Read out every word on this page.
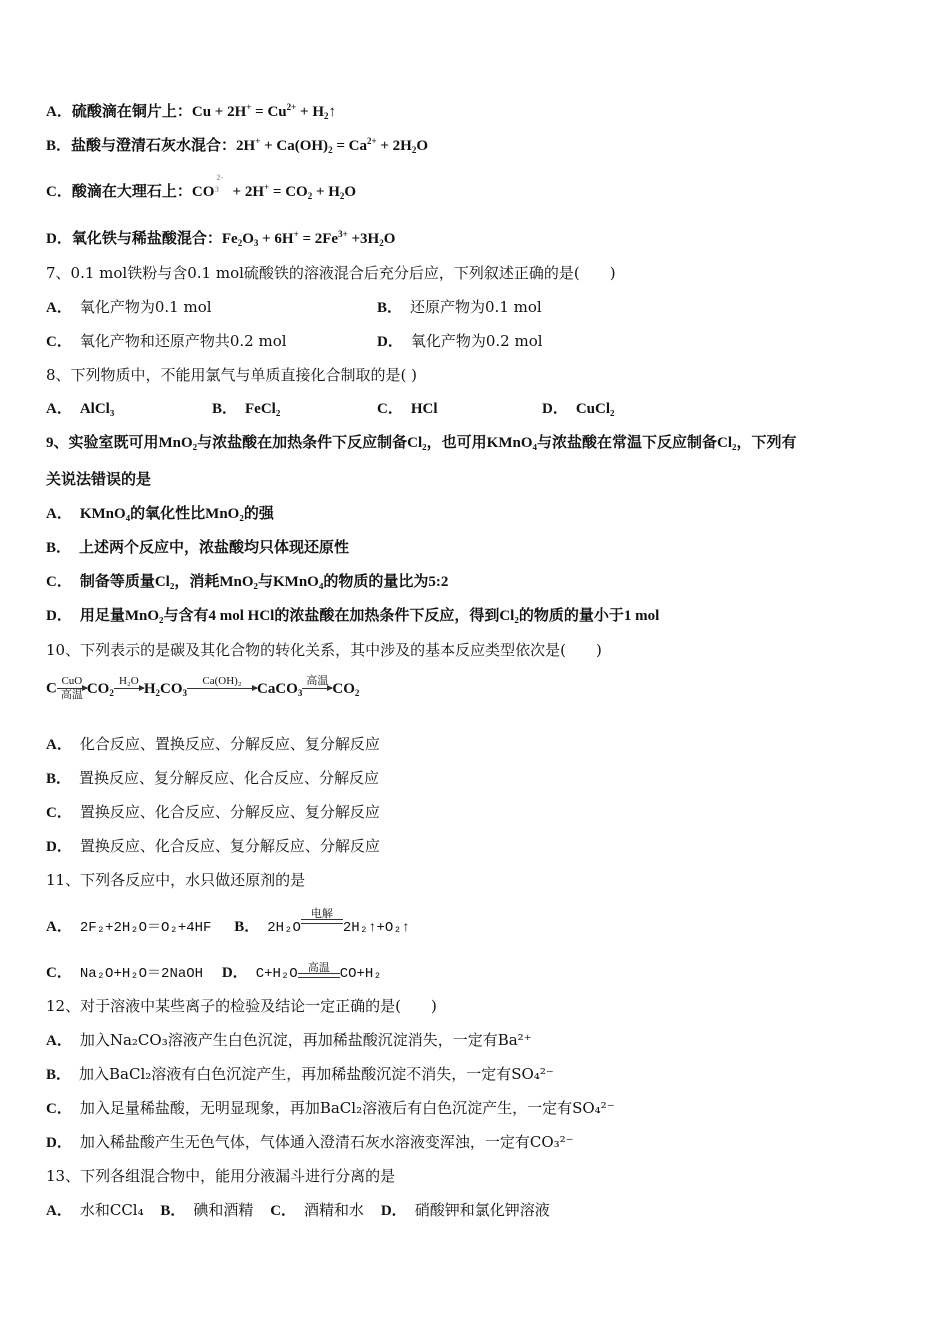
A．硫酸滴在铜片上：$Cu + 2H^+ = Cu^{2+}$ + $H_2↑$
B．盐酸与澄清石灰水混合：$2H^+ + Ca(OH)_2 = Ca^{2+} + 2H_2O$
C．酸滴在大理石上：$CO^{2-3} + 2H^+ = CO_2 + H_2O$
D．氧化铁与稀盐酸混合：$Fe_2O_3 + 6H^+ = 2Fe^{3+} +3H_2O$
7、0.1 mol铁粉与含0.1 mol硫酸铁的溶液混合后充分后应，下列叙述正确的是(　　)
A． 氧化产物为0.1 mol	B． 还原产物为0.1 mol
C． 氧化产物和还原产物共0.2 mol	D． 氧化产物为0.2 mol
8、下列物质中，不能用氯气与单质直接化合制取的是( )
A． AlCl₃	B． FeCl₂	C． HCl	D． CuCl₂
9、实验室既可用MnO₂与浓盐酸在加热条件下反应制备Cl₂，也可用KMnO₄与浓盐酸在常温下反应制备Cl₂，下列有
关说法错误的是
A． KMnO₄的氧化性比MnO₂的强
B． 上述两个反应中，浓盐酸均只体现还原性
C． 制备等质量Cl₂，消耗MnO₂与KMnO₄的物质的量比为5:2
D． 用足量MnO₂与含有4 mol HCl的浓盐酸在加热条件下反应，得到Cl₂的物质的量小于1 mol
10、下列表示的是碳及其化合物的转化关系，其中涉及的基本反应类型依次是(　　)
C CuO
高温 $CO_2$
H₂O $H_2CO_3$
Ca(OH)₂	CaCO$_3$
高温 $CO_2$
A． 化合反应、置换反应、分解反应、复分解反应
B． 置换反应、复分解反应、化合反应、分解反应
C． 置换反应、化合反应、分解反应、复分解反应
D． 置换反应、化合反应、复分解反应、分解反应
11、下列各反应中，水只做还原剂的是
A． 2F₂+2H₂O＝O₂+4HF B． 2H₂O
电解
2H₂↑+O₂↑
C． Na₂O+H₂O＝2NaOH D． C+H₂O 高温 CO+H₂
12、对于溶液中某些离子的检验及结论一定正确的是(　　)
A． 加入Na₂CO₃溶液产生白色沉淀，再加稀盐酸沉淀消失，一定有Ba²⁺
B． 加入BaCl₂溶液有白色沉淀产生，再加稀盐酸沉淀不消失，一定有SO₄²⁻
C． 加入足量稀盐酸，无明显现象，再加BaCl₂溶液后有白色沉淀产生，一定有SO₄²⁻
D． 加入稀盐酸产生无色气体，气体通入澄清石灰水溶液变浑浊，一定有CO₃²⁻
13、下列各组混合物中，能用分液漏斗进行分离的是
A． 水和CCl₄ B． 碘和酒精 C． 酒精和水 D． 硝酸钾和氯化钾溶液
